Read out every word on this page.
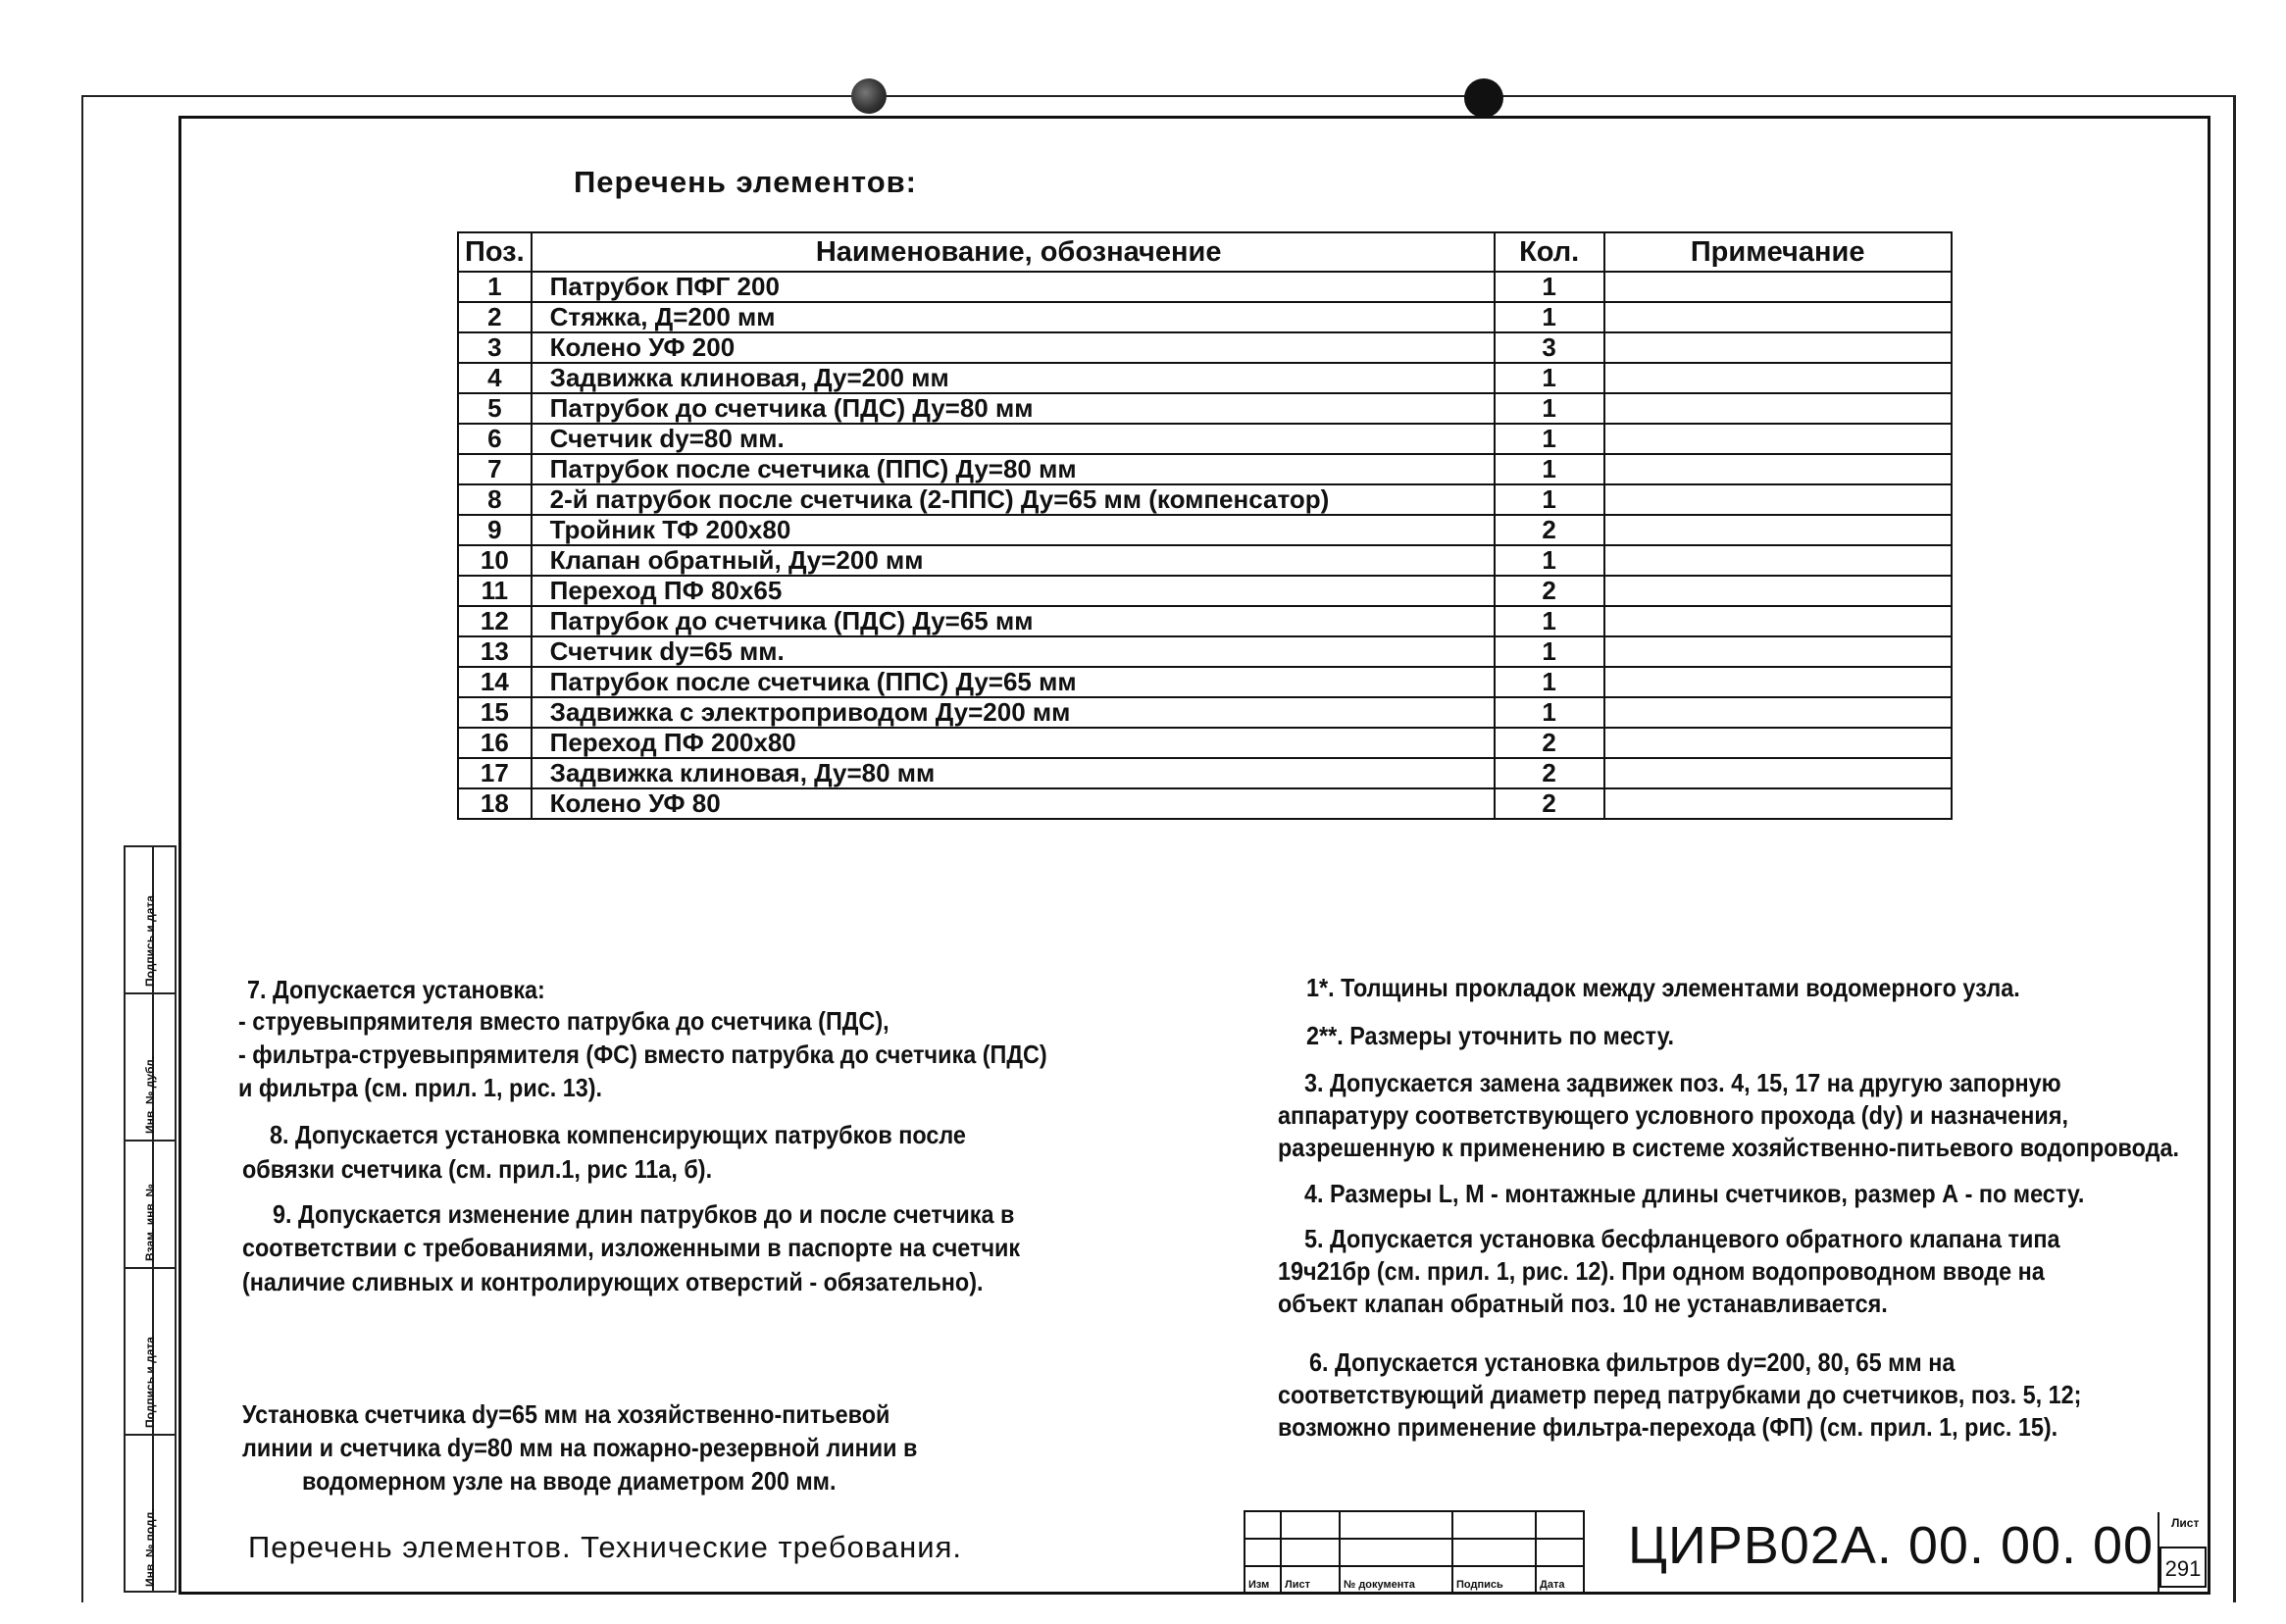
Подпись и дата
Инв. № дубл.
Взам. инв. №
Подпись и дата
Инв. № подл.
Перечень элементов:
Поз.	Наименование, обозначение	Кол.	Примечание
1	Патрубок ПФГ 200	1	
2	Стяжка, Д=200 мм	1	
3	Колено УФ 200	3	
4	Задвижка клиновая, Ду=200 мм	1	
5	Патрубок до счетчика (ПДС) Ду=80 мм	1	
6	Счетчик dy=80 мм.	1	
7	Патрубок после счетчика (ППС) Ду=80 мм	1	
8	2-й патрубок после счетчика (2-ППС) Ду=65 мм (компенсатор)	1	
9	Тройник ТФ 200х80	2	
10	Клапан обратный, Ду=200 мм	1	
11	Переход ПФ 80х65	2	
12	Патрубок до счетчика (ПДС) Ду=65 мм	1	
13	Счетчик dy=65 мм.	1	
14	Патрубок после счетчика (ППС) Ду=65 мм	1	
15	Задвижка с электроприводом Ду=200 мм	1	
16	Переход ПФ 200х80	2	
17	Задвижка клиновая, Ду=80 мм	2	
18	Колено УФ 80	2	
7. Допускается установка:
- струевыпрямителя вместо патрубка до счетчика (ПДС),
- фильтра-струевыпрямителя (ФС) вместо патрубка до счетчика (ПДС)
и фильтра (см. прил. 1, рис. 13).
8. Допускается установка компенсирующих патрубков после
обвязки счетчика (см. прил.1, рис 11а, б).
9. Допускается изменение длин патрубков до и после счетчика в
соответствии с требованиями, изложенными в паспорте на счетчик
(наличие сливных и контролирующих отверстий - обязательно).
1*. Толщины прокладок между элементами водомерного узла.
2**. Размеры уточнить по месту.
3. Допускается замена задвижек поз. 4, 15, 17 на другую запорную
аппаратуру соответствующего условного прохода (dy) и назначения,
разрешенную к применению в системе хозяйственно-питьевого водопровода.
4. Размеры L, M - монтажные длины счетчиков, размер А - по месту.
5. Допускается установка бесфланцевого обратного клапана типа
19ч21бр (см. прил. 1, рис. 12). При одном водопроводном вводе на
объект клапан обратный поз. 10 не устанавливается.
6. Допускается установка фильтров dy=200, 80, 65 мм на
соответствующий диаметр перед патрубками до счетчиков, поз. 5, 12;
возможно применение фильтра-перехода (ФП) (см. прил. 1, рис. 15).
Установка счетчика dy=65 мм на хозяйственно-питьевой
линии и счетчика dy=80 мм на пожарно-резервной линии в
водомерном узле на вводе диаметром 200 мм.
Перечень элементов. Технические требования.
Изм Лист	№ документа	Подпись	Дата
ЦИРВ02А. 00. 00. 00 Лист
291
